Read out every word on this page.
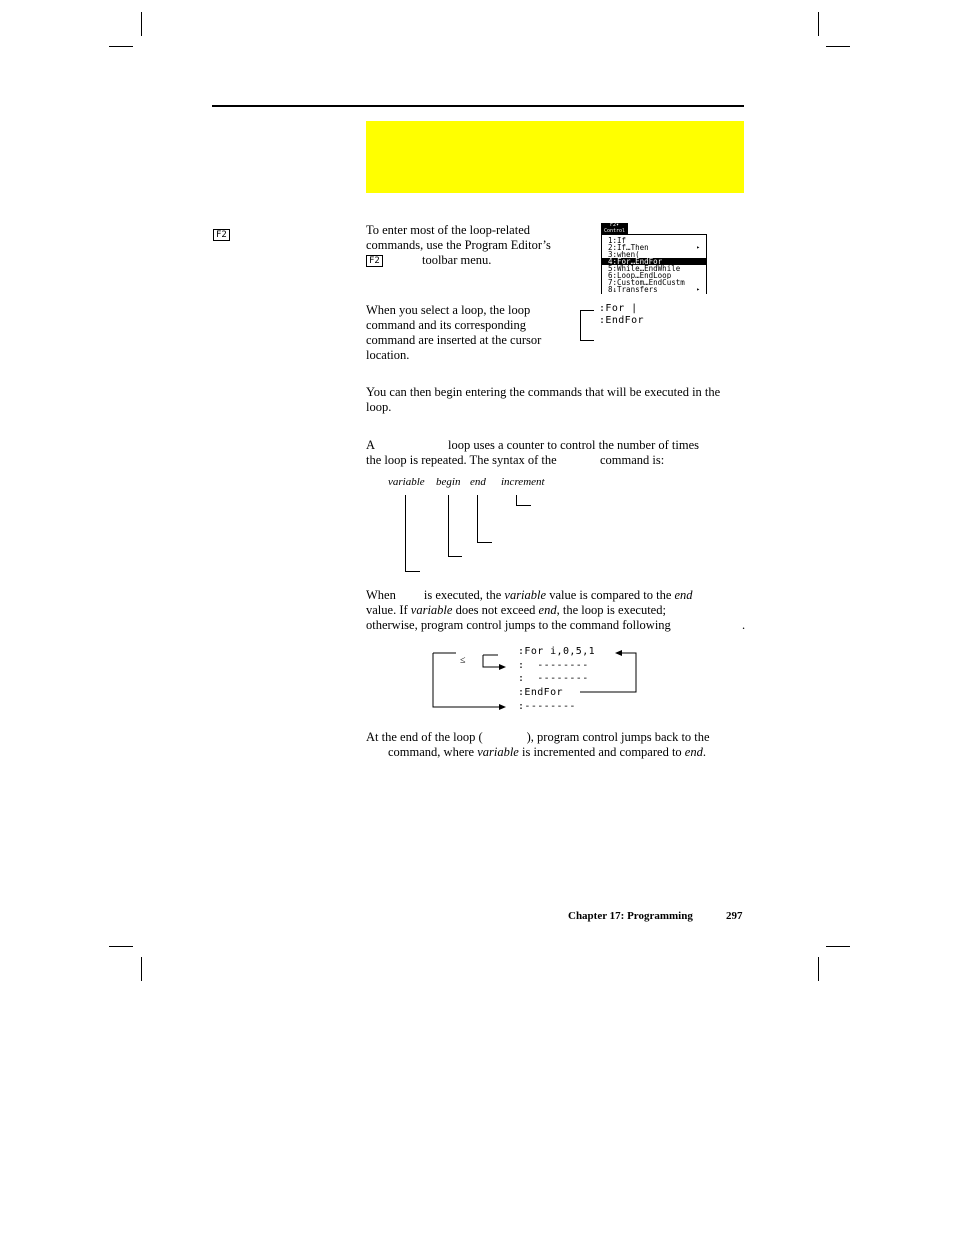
F2	To enter most of the loop-related commands, use the Program Editor’s F2	toolbar menu.
F2▾
Control
1:If
2:If…Then	▸
3:when(
4:For…EndFor
5:While…EndWhile
6:Loop…EndLoop
7:Custom…EndCustm
8↓Transfers	▸
When you select a loop, the loop command and its corresponding command are inserted at the cursor location.
:For |
:EndFor
You can then begin entering the commands that will be executed in the loop.
A	loop uses a counter to control the number of times
the loop is repeated. The syntax of the	command is:
variable begin end increment
When is executed, the variable value is compared to the end
value. If variable does not exceed end, the loop is executed;
otherwise, program control jumps to the command following	.
≤
:For i,0,5,1
:  --------
:  --------
:EndFor
:--------
At the end of the loop (	), program control jumps back to the
command, where variable is incremented and compared to end.
Chapter 17: Programming	297
